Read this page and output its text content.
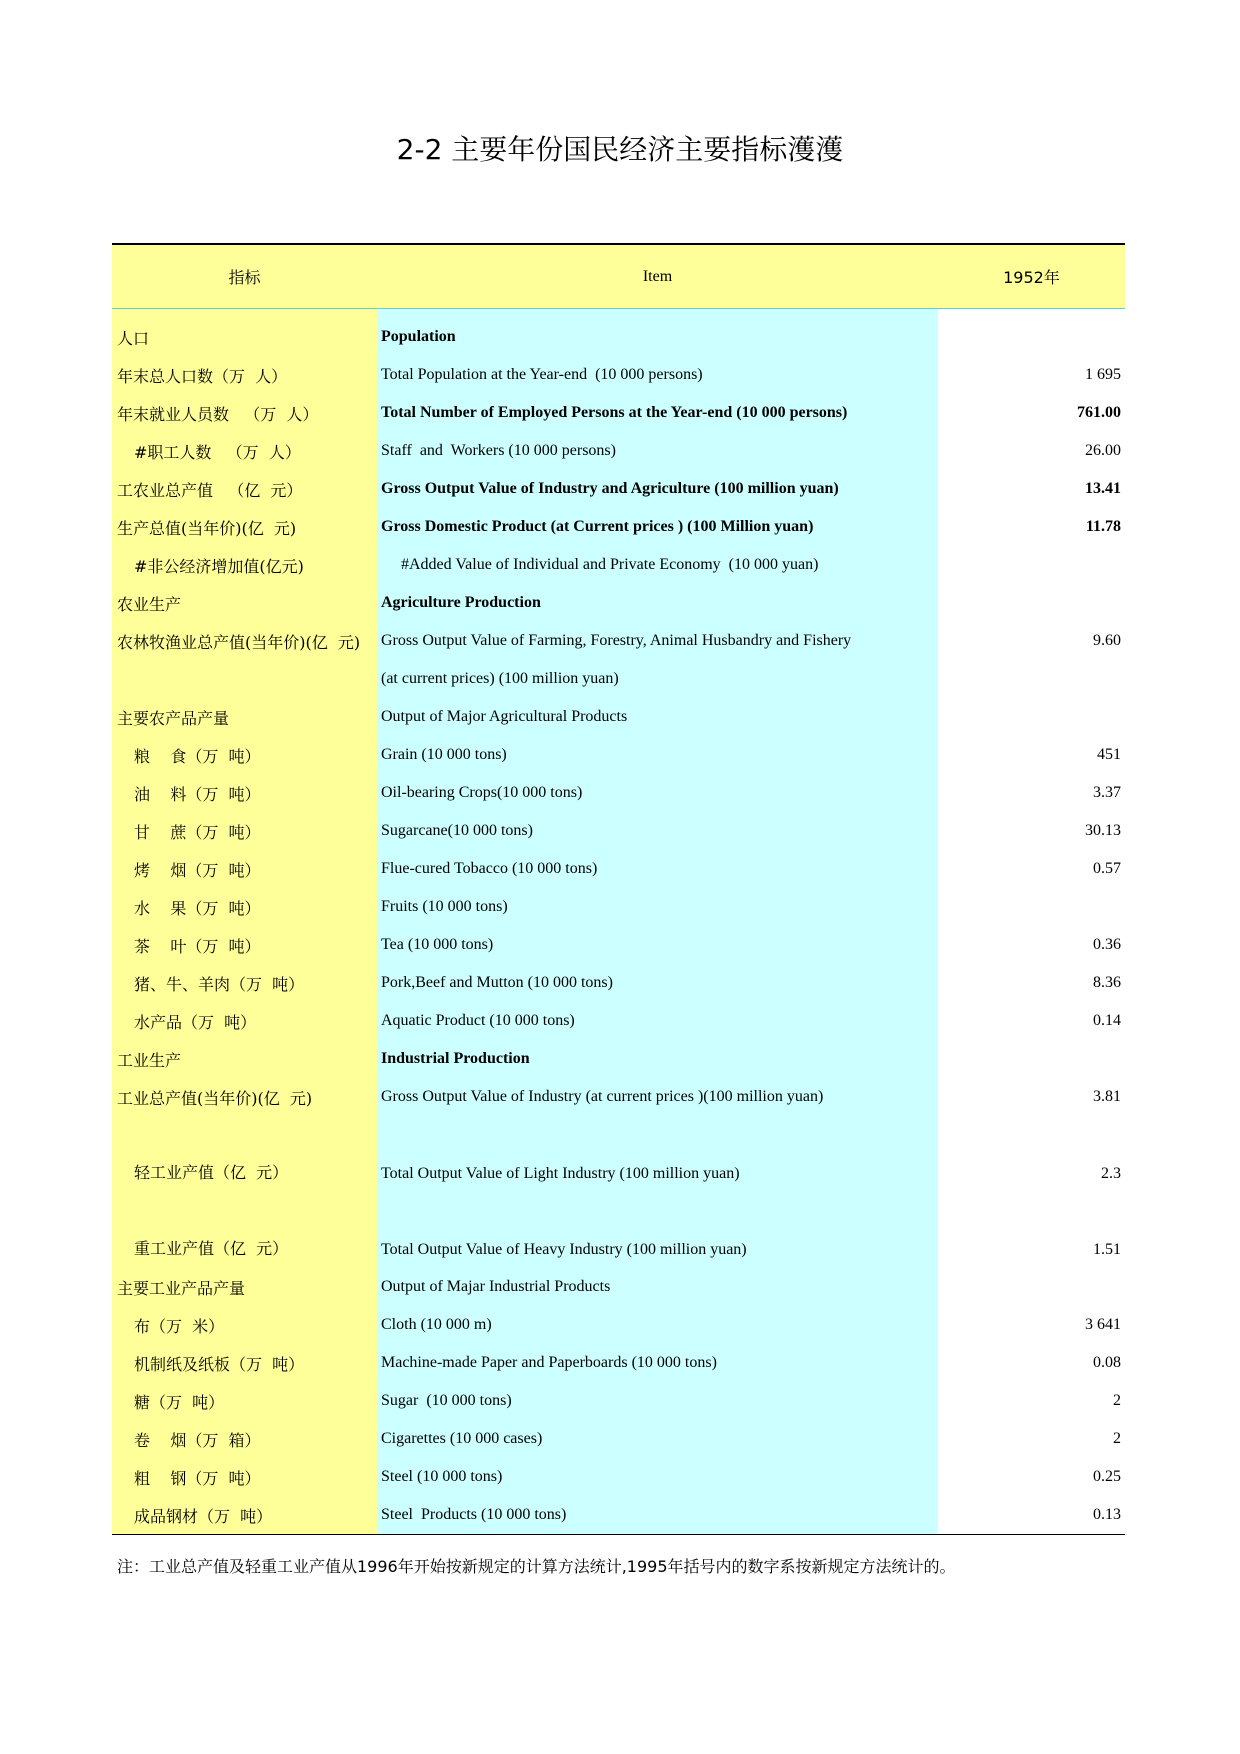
2-2 主要年份国民经济主要指标濩濩
指标	Item	1952年
人口	Population
年末总人口数（万  人）	Total Population at the Year-end  (10 000 persons)	1 695
年末就业人员数   （万  人）	Total Number of Employed Persons at the Year-end (10 000 persons)	761.00
#职工人数   （万  人）	Staff  and  Workers (10 000 persons)	26.00
工农业总产值   （亿  元）	Gross Output Value of Industry and Agriculture (100 million yuan)	13.41
生产总值(当年价)(亿  元)	Gross Domestic Product (at Current prices ) (100 Million yuan)	11.78
#非公经济增加值(亿元)	#Added Value of Individual and Private Economy  (10 000 yuan)
农业生产	Agriculture Production
农林牧渔业总产值(当年价)(亿  元)	Gross Output Value of Farming, Forestry, Animal Husbandry and Fishery	9.60
(at current prices) (100 million yuan)
主要农产品产量	Output of Major Agricultural Products
粮    食（万  吨）	Grain (10 000 tons)	451
油    料（万  吨）	Oil-bearing Crops(10 000 tons)	3.37
甘    蔗（万  吨）	Sugarcane(10 000 tons)	30.13
烤    烟（万  吨）	Flue-cured Tobacco (10 000 tons)	0.57
水    果（万  吨）	Fruits (10 000 tons)
茶    叶（万  吨）	Tea (10 000 tons)	0.36
猪、牛、羊肉（万  吨）	Pork,Beef and Mutton (10 000 tons)	8.36
水产品（万  吨）	Aquatic Product (10 000 tons)	0.14
工业生产	Industrial Production
工业总产值(当年价)(亿  元)	Gross Output Value of Industry (at current prices )(100 million yuan)	3.81
轻工业产值（亿  元）	Total Output Value of Light Industry (100 million yuan)	2.3
重工业产值（亿  元）	Total Output Value of Heavy Industry (100 million yuan)	1.51
主要工业产品产量	Output of Majar Industrial Products
布（万  米）	Cloth (10 000 m)	3 641
机制纸及纸板（万  吨）	Machine-made Paper and Paperboards (10 000 tons)	0.08
糖（万  吨）	Sugar  (10 000 tons)	2
卷    烟（万  箱）	Cigarettes (10 000 cases)	2
粗    钢（万  吨）	Steel (10 000 tons)	0.25
成品钢材（万  吨）	Steel  Products (10 000 tons)	0.13
注：工业总产值及轻重工业产值从1996年开始按新规定的计算方法统计,1995年括号内的数字系按新规定方法统计的。
